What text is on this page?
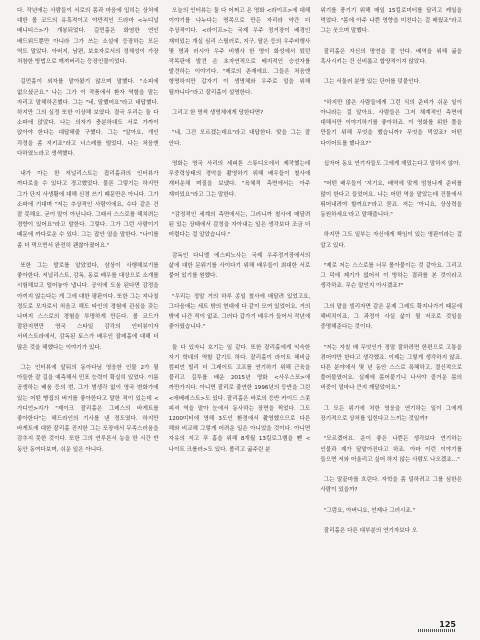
다. 작년에는 사람들이 서로의 몸과 마음에 입히는 상처에 대한 볼 코드의 유혹적이고 야만적인 드라마 <누디널 배니티스>가 개봉되었다. 길먼홀은 화염한 연인 배드위드뿐만 아니라 그가 쓰는 소설에 등장하는 모든 역도 말았다. 아버지, 남편, 보호자로서의 정체성이 가장 처참한 방법으로 깨져버리는 등장인물이었다.

길먼홀이 외자를 맡아왔기 않으며 말했다. "소피에 없으셨군요." 나는 그가 이 작품에서 환자 역할을 맡는 자리고 말해하곤했다. 그는 "네, 말했어요"라고 대답했다. 하지만 그의 실정 또한 이상해 보였다. 결국 우리는 둘 다 소파에 앉았다. 나는 의자가 충분하대도 서로 가까이 앉아야 한다는 대답해줄 구했다. 그는 "알아요, 개인 각정을 좀 지키죠"라고 너스레를 떨었다. 나는 처음엔 다하였노라고 생색했다.

내가 아는 한 저널리스트는 잡리홀과의 인터뷰가 까다로울 수 있다고 경고했었다. 물론 그렇기는 하지만 그가 단지 사생활에 대해 신경 쓰기 때문만은 아니다. 그가 소파에 기대며 "저는 추상적인 사람이에요, 수다 같은 건 잘 못해요. 굳이 말이 아닌니다. 그래서 스스로를 해치려는 경향이 있어요"라고 말한다. 그렇다. 그가 그런 사람이기 때문에 까다로운 수 있다. 그는 잡안 얼을 말한다. "나이를 좀 더 먹으면서 완전히 괜찮아졌어요."

또한 그는 발로를 알았었다, 삼상이 사행해보기를 좋아한다. 저널리스트, 감독, 동료 배우를 대상으로 소개를 시험해보고 털어놓아 냅니다. 공익에 도움 된다면 감정을 아끼지 않는다는 게 그에 대한 평판이다. 또한 그는 지나칠 정도로 모자로서 처음고 해도 타인의 경험에 관심을 갖는 나머지 스스로의 경험을 투명하게 만든다. 볼 코드가 잘완지면만 영국 스타일 감각의 인터뷰이자 서비스트라에서, 감독된 토스가 배우인 잘레홀에 대해 더 많은 것을 해했다는 이야기가 있다.

그는 인터뷰에 앞뒤의 동아다님 영웅한 인물 2가 될 아들한 잘 길을 예측해서 민포 능력이 확실히 있었다. 이름 공생하는 배움 등의 번, 그가 범생각 없이 영국 변화가에 있는 어떤 빵집의 버거를 좋아한다고 말한 적이 있는데 <가디언>지가 "제이크 잘리홀은 그레스의 바게트를 좋아한다"는 헤드라인의 기사를 낸 정도였다. 하지만 바게트에 대한 잘리홀 진지한 그는 포장에서 무족스러움을 감추지 못한 것이다. 또한 그의 연루론서 농을 한 시간 반 동안 동여다보며, 쉬운 일은 아니다.

오늘의 인터뷰는 둘 다 어쩌고 온 영화 <라이프>에 대해 이야기를 나누다는 명목으로 만든 자리라 약간 더 추상적이다. <라이프>는 국제 우주 정거장이 배경인 재미있는 개실 심리 스릴러로, 지구, 탈은 등의 우주비행사 몇 명과 러시아 우주 비행사 한 명이 화성에서 떴던 작목판에 발견 손 초자연적으로 배지적인 승선자를 발견하는 이야기다. "제로의 존재에요. 그들은 처음엔 형명하지만 갑자기 이 생명체와 우주로 얼을 위해 될까니다"라고 잘리홀이 설명한다.

그리고 한 명씩 생명체에게 당한다면?

"네, 그건 모르겠는데요"라고 대답한다. 맞을 그는 잘 안다.

영화는 영국 사리의 세퍼톤 스튜디오에서 제작했는데 무중력상태의 경악을 촬영하기 위해 배우들이 철사에 재터운채 며질을 보냈다. "육체적 측면에서는 아주 재미있요"라고 그는 말한다.

"감정적인 세계의 측면에서는, 그러니까 철사에 매달려 된 있는 상태에서 감정을 자아내는 일은 생각보다 조금 더 어렵다는 걸 알았습니다."

감독인 다니엘 에스피노사는 국제 우주정거장에서의 삶에 대한 문위기를 사이다기 위해 배우들이 최대한 서로 붙어 있기를 원했다.

"우리는 정말 거의 하루 종일 철사에 매달려 있었고요, 그다음에는 세트 밖의 현대에 다 같이 모여 있었어요. 거의 밖에 나간 적이 없죠. 그러다 갑가기 배우가 들어서 작년에 좋아웠습니다."

둘 다 있자니 호기는 일 같다. 또한 잘리홀에게 익숙한 자기 학대의 역할 같기도 하다. 잘리홀이 라이트 헤비급 컴피언 빌리 더 그레이트 고프를 연기하기 위해 근육을 불리고 길투를 배운 2015년 영화 <사우스포>에 까만가지다. 아니면 잘리로 출연한 1996년의 등반을 그린 <에베레스트>도 있다. 잘리홀은 바로의 등반 카이드 스콧 피셔 역을 맡아 눈에서 동사하는 장면을 찍었다. 그도 1200미터에 영해 3도인 환경에서 촬영했으므로 다른 해와 비교해 그렇게 어려운 일은 아니었을 것이다. 아니면 자유의 저고 푸 홈을 위해 8개월 13킬로그램을 뺀 <나이트 크롤러>도 있다. 폴리고 굶주린 분

위기를 풍기기 위해 매일 15킬로미터를 달리고 케일을 먹었다. "몸에 아주 나쁜 영향을 미친다는 걸 배웠죠"라고 그는 웃으며 말했다.

잘리홀은 자신의 명연을 잘 안다. 배역을 위해 굶을 혹사시키는 건 신비롭고 합양적이지 않았다.

그는 서둘러 분명 있는 단어를 덧붙인다.

"하지만 많은 사람들에게 그런 식의 준비가 쉬운 일이 아니라는 걸 알아요. 사람들은 그저 체계적인 측면에 대해서만 이야기하기를 좋아하죠. 이 영화를 위한 풀을 만들기 위해 무엇을 했습니까? 무엇을 먹었죠? 어떤 다이어트를 했나요?"

십자어 동요 연기자들도 그에게 재밌는다고 말하지 않아.

"어떤 배우들이 '저기요, 배역에 맞게 엄청나게 준비를 많이 한다고 들었어요. 나는 어떤 역을 맡았는데 건물에서 뛰어내려야 할까요?'라고 묻죠. 저는 '아니요, 상상력을 동원하세요'라고 말해줍니다."

하지만 그도 일부는 자신에게 책임이 있는 영판이라는 걸 알고 있다.

"제로 저는 스스로를 너무 몰아붙이는 것 같아요. 그리고 그 덕에 제기가 없어서 이 방하는 결과를 본 것이라고 생각하죠. 무슨 말인지 아시겠죠?"

그의 말을 빌리자면 같은 문제 그레도 확지나가기 때문에 해비치이죠, 그 과정이 사실 삶이 될 저조로 것일을 중명해준다는 것이다.

"저는 자칠 매 무엇인가 정말 잘하려면 한편으로 고통을 겪어야만 한다고 생각했죠. 이제는 그렇게 생각하지 않죠. 다른 분야에서 몇 년 동안 스스로 폭혜하고, 결신적으로 풀어불였어요. 실제에 몸어붙기니 나서야 즐거운 몸의 비중이 얼마나 큰지 깨달았어요."

그 모든 위기에 처한 영웅을 연기하는 일이 그에게 장기적으로 상처를 입힌다고 느끼는 것일까?

"모르겠어요. 운이 좋은 나쁜든 생각보다 연기하는 인물과 제가 달맡아진다고 하죠. 아마 이런 이야기를 들으면 저와 어울리고 싶어 하지 않는 사람도 나오겠죠…"

그는 말끝마를 흐린다. 자학을 좀 덜하려고 그를 심한은 사람이 있을까?

"그럼요, 아버니요, 언제나 그러시죠."

잘리홀은 다른 대부분의 연기자보다 오

125
